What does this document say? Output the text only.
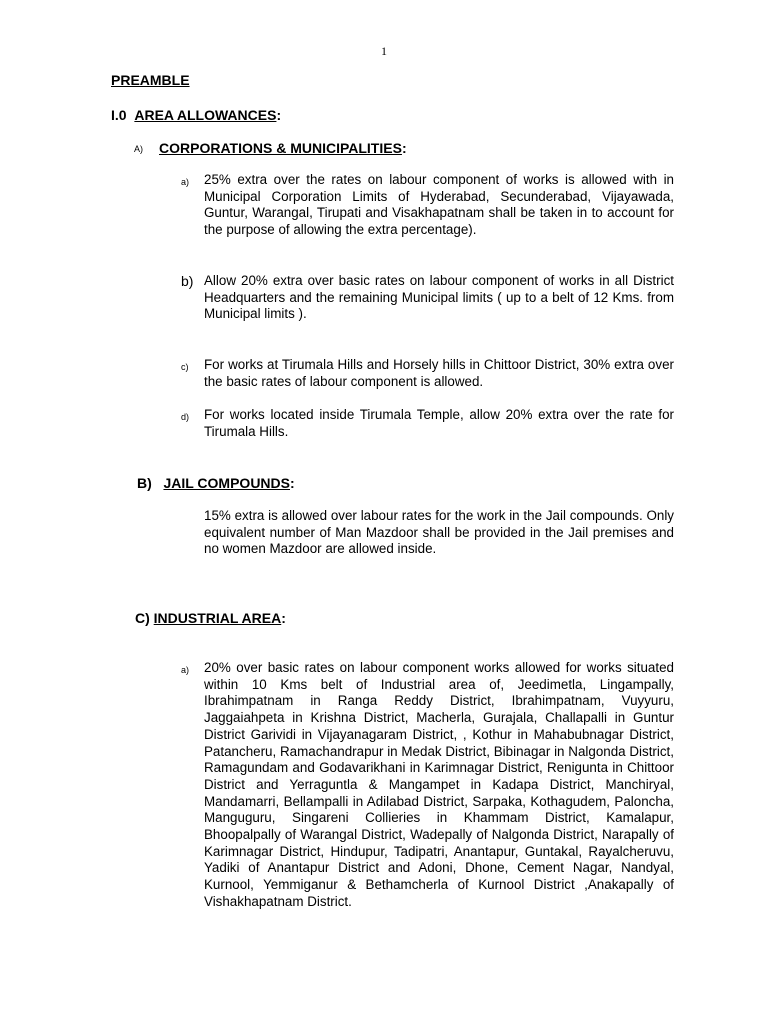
1
PREAMBLE
I.0 AREA ALLOWANCES:
A) CORPORATIONS & MUNICIPALITIES:
a) 25% extra over the rates on labour component of works is allowed with in Municipal Corporation Limits of Hyderabad, Secunderabad, Vijayawada, Guntur, Warangal, Tirupati and Visakhapatnam shall be taken in to account for the purpose of allowing the extra percentage).

b) Allow 20% extra over basic rates on labour component of works in all District Headquarters and the remaining Municipal limits ( up to a belt of 12 Kms. from Municipal limits ).

c) For works at Tirumala Hills and Horsely hills in Chittoor District, 30% extra over the basic rates of labour component is allowed.

d) For works located inside Tirumala Temple, allow 20% extra over the rate for Tirumala Hills.

B) JAIL COMPOUNDS:

15% extra is allowed over labour rates for the work in the Jail compounds. Only equivalent number of Man Mazdoor shall be provided in the Jail premises and no women Mazdoor are allowed inside.

C) INDUSTRIAL AREA:
a) 20% over basic rates on labour component works allowed for works situated within 10 Kms belt of Industrial area of, Jeedimetla, Lingampally, Ibrahimpatnam in Ranga Reddy District, Ibrahimpatnam, Vuyyuru, Jaggaiahpeta in Krishna District, Macherla, Gurajala, Challapalli in Guntur District Garividi in Vijayanagaram District, , Kothur in Mahabubnagar District, Patancheru, Ramachandrapur in Medak District, Bibinagar in Nalgonda District, Ramagundam and Godavarikhani in Karimnagar District, Renigunta in Chittoor District and Yerraguntla & Mangampet in Kadapa District, Manchiryal, Mandamarri, Bellampalli in Adilabad District, Sarpaka, Kothagudem, Paloncha, Manguguru, Singareni Collieries in Khammam District, Kamalapur, Bhoopalpally of Warangal District, Wadepally of Nalgonda District, Narapally of Karimnagar District, Hindupur, Tadipatri, Anantapur, Guntakal, Rayalcheruvu, Yadiki of Anantapur District and Adoni, Dhone, Cement Nagar, Nandyal, Kurnool, Yemmiganur & Bethamcherla of Kurnool District ,Anakapally of Vishakhapatnam District.
